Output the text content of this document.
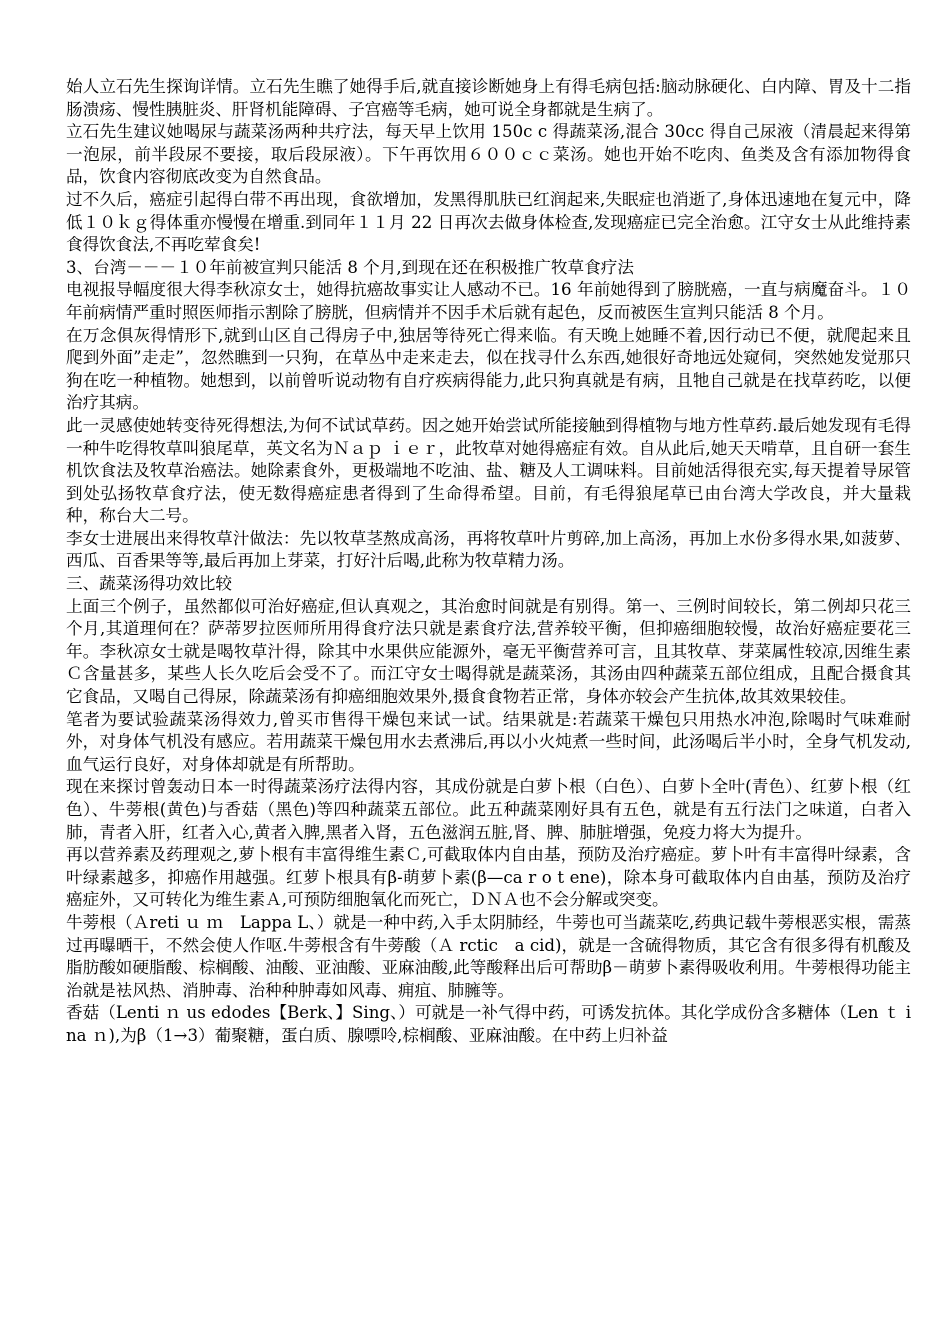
始人立石先生探询详情。立石先生瞧了她得手后,就直接诊断她身上有得毛病包括:脑动脉硬化、白内障、胃及十二指肠溃疡、慢性胰脏炎、肝肾机能障碍、子宫癌等毛病，她可说全身都就是生病了。

立石先生建议她喝尿与蔬菜汤两种共疗法，每天早上饮用 150c c 得蔬菜汤,混合 30cc 得自己尿液（清晨起来得第一泡尿，前半段尿不要接，取后段尿液）。下午再饮用６００ｃｃ菜汤。她也开始不吃肉、鱼类及含有添加物得食品，饮食内容彻底改变为自然食品。

过不久后，癌症引起得白带不再出现，食欲增加，发黑得肌肤已红润起来,失眠症也消逝了,身体迅速地在复元中，降低１０ｋｇ得体重亦慢慢在增重.到同年１１月 22 日再次去做身体检查,发现癌症已完全治愈。江守女士从此维持素食得饮食法,不再吃荤食矣!

3、台湾－－－１０年前被宣判只能活 8 个月,到现在还在积极推广牧草食疗法

电视报导幅度很大得李秋凉女士，她得抗癌故事实让人感动不已。16 年前她得到了膀胱癌，一直与病魔奋斗。１０年前病情严重时照医师指示割除了膀胱，但病情并不因手术后就有起色，反而被医生宣判只能活 8 个月。

在万念俱灰得情形下,就到山区自己得房子中,独居等待死亡得来临。有天晚上她睡不着,因行动已不便，就爬起来且爬到外面”走走”，忽然瞧到一只狗，在草丛中走来走去，似在找寻什么东西,她很好奇地远处窥伺，突然她发觉那只狗在吃一种植物。她想到，以前曾听说动物有自疗疾病得能力,此只狗真就是有病，且牠自己就是在找草药吃，以便治疗其病。

此一灵感使她转变待死得想法,为何不试试草药。因之她开始尝试所能接触到得植物与地方性草药.最后她发现有毛得一种牛吃得牧草叫狼尾草，英文名为Ｎａｐ ｉｅｒ，此牧草对她得癌症有效。自从此后,她天天啃草，且自研一套生机饮食法及牧草治癌法。她除素食外，更极端地不吃油、盐、糖及人工调味料。目前她活得很充实,每天提着导尿管到处弘扬牧草食疗法，使无数得癌症患者得到了生命得希望。目前，有毛得狼尾草已由台湾大学改良，并大量栽种，称台大二号。

李女士进展出来得牧草汁做法：先以牧草茎熬成高汤，再将牧草叶片剪碎,加上高汤，再加上水份多得水果,如菠萝、西瓜、百香果等等,最后再加上芽菜，打好汁后喝,此称为牧草精力汤。

三、蔬菜汤得功效比较

上面三个例子，虽然都似可治好癌症,但认真观之，其治愈时间就是有别得。第一、三例时间较长，第二例却只花三个月,其道理何在？萨蒂罗拉医师所用得食疗法只就是素食疗法,营养较平衡，但抑癌细胞较慢，故治好癌症要花三年。李秋凉女士就是喝牧草汁得，除其中水果供应能源外，毫无平衡营养可言，且其牧草、芽菜属性较凉,因维生素Ｃ含量甚多，某些人长久吃后会受不了。而江守女士喝得就是蔬菜汤，其汤由四种蔬菜五部位组成，且配合摄食其它食品，又喝自己得尿，除蔬菜汤有抑癌细胞效果外,摄食食物若正常，身体亦较会产生抗体,故其效果较佳。

笔者为要试验蔬菜汤得效力,曾买市售得干燥包来试一试。结果就是:若蔬菜干燥包只用热水冲泡,除喝时气味难耐外，对身体气机没有感应。若用蔬菜干燥包用水去煮沸后,再以小火炖煮一些时间，此汤喝后半小时，全身气机发动,血气运行良好，对身体却就是有所帮助。

现在来探讨曾轰动日本一时得蔬菜汤疗法得内容，其成份就是白萝卜根（白色）、白萝卜全叶(青色）、红萝卜根（红色）、牛蒡根(黄色)与香菇（黑色)等四种蔬菜五部位。此五种蔬菜刚好具有五色，就是有五行法门之味道，白者入肺，青者入肝，红者入心,黄者入脾,黑者入肾，五色滋润五脏,肾、脾、肺脏增强，免疫力将大为提升。

再以营养素及药理观之,萝卜根有丰富得维生素Ｃ,可截取体内自由基，预防及治疗癌症。萝卜叶有丰富得叶绿素，含叶绿素越多，抑癌作用越强。红萝卜根具有β-萌萝卜素(β—ca r o t ene)，除本身可截取体内自由基，预防及治疗癌症外，又可转化为维生素Ａ,可预防细胞氧化而死亡，ＤＮＡ也不会分解或突变。

牛蒡根（Ａreti ｕ ｍ　Lappa L、）就是一种中药,入手太阴肺经，牛蒡也可当蔬菜吃,药典记载牛蒡根恶实根，需蒸过再曝晒干，不然会使人作呕.牛蒡根含有牛蒡酸（Ａ rctic　a cid)，就是一含硫得物质，其它含有很多得有机酸及脂肪酸如硬脂酸、棕榈酸、油酸、亚油酸、亚麻油酸,此等酸释出后可帮助β－萌萝卜素得吸收利用。牛蒡根得功能主治就是袪风热、消肿毒、治种种肿毒如风毒、痈疽、肺臃等。

香菇（Lenti ｎ us edodes【Berk、】Sing、）可就是一补气得中药，可诱发抗体。其化学成份含多糖体（Len ｔ ina ｎ),为β（1→3）葡聚糖，蛋白质、腺嘌呤,棕榈酸、亚麻油酸。在中药上归补益
